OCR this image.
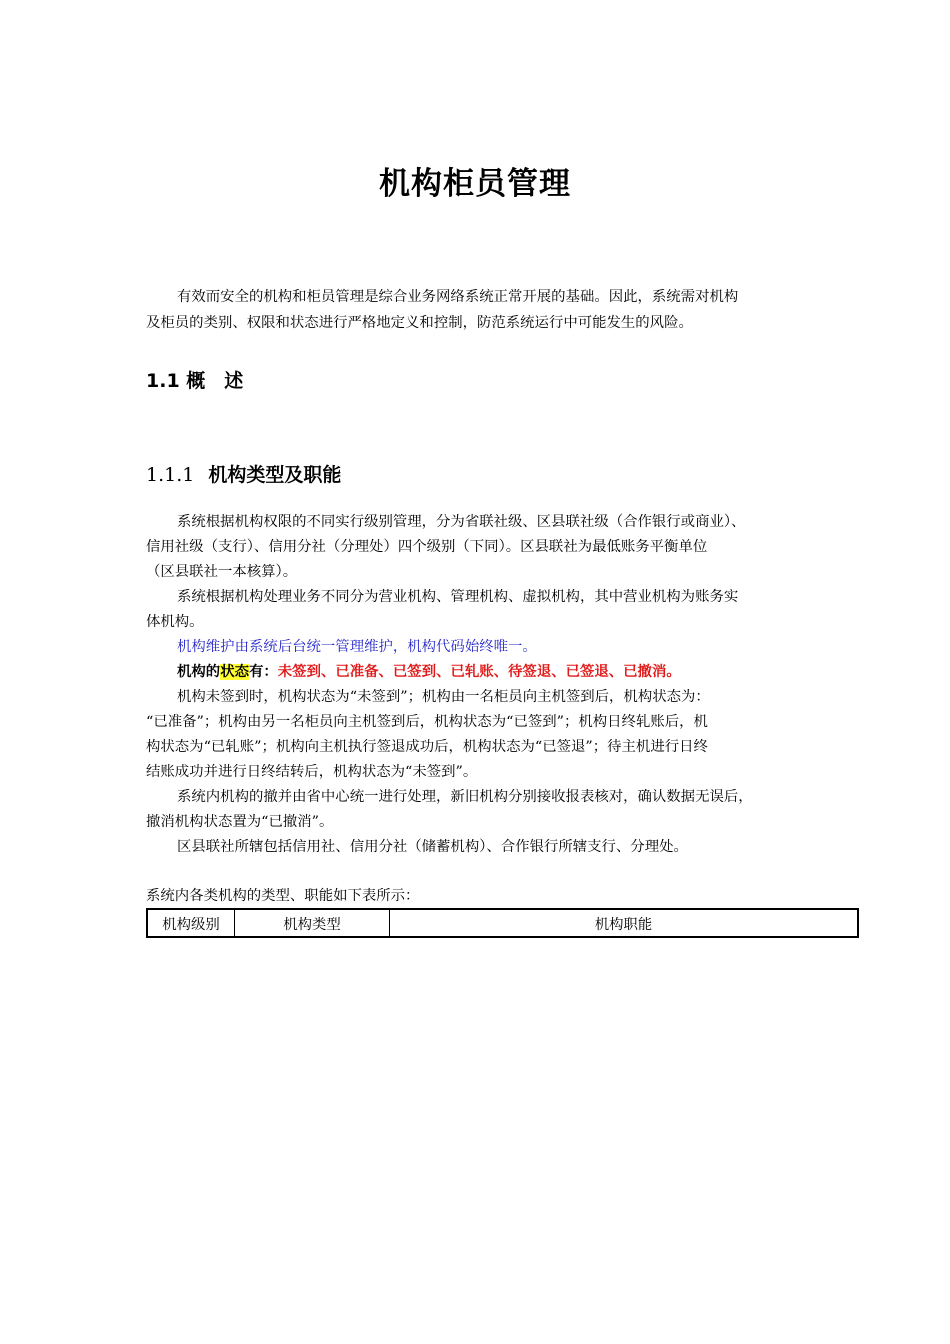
机构柜员管理
有效而安全的机构和柜员管理是综合业务网络系统正常开展的基础。因此，系统需对机构
及柜员的类别、权限和状态进行严格地定义和控制，防范系统运行中可能发生的风险。
1.1 概　述
1.1.1 机构类型及职能
系统根据机构权限的不同实行级别管理，分为省联社级、区县联社级（合作银行或商业）、
信用社级（支行）、信用分社（分理处）四个级别（下同）。区县联社为最低账务平衡单位
（区县联社一本核算）。
系统根据机构处理业务不同分为营业机构、管理机构、虚拟机构，其中营业机构为账务实
体机构。
机构维护由系统后台统一管理维护，机构代码始终唯一。
机构的状态有：未签到、已准备、已签到、已轧账、待签退、已签退、已撤消。
机构未签到时，机构状态为“未签到”；机构由一名柜员向主机签到后，机构状态为：
“已准备”；机构由另一名柜员向主机签到后，机构状态为“已签到”；机构日终轧账后，机
构状态为“已轧账”；机构向主机执行签退成功后，机构状态为“已签退”；待主机进行日终
结账成功并进行日终结转后，机构状态为“未签到”。
系统内机构的撤并由省中心统一进行处理，新旧机构分别接收报表核对，确认数据无误后，
撤消机构状态置为“已撤消”。
区县联社所辖包括信用社、信用分社（储蓄机构）、合作银行所辖支行、分理处。
系统内各类机构的类型、职能如下表所示：
机构级别	机构类型	机构职能
